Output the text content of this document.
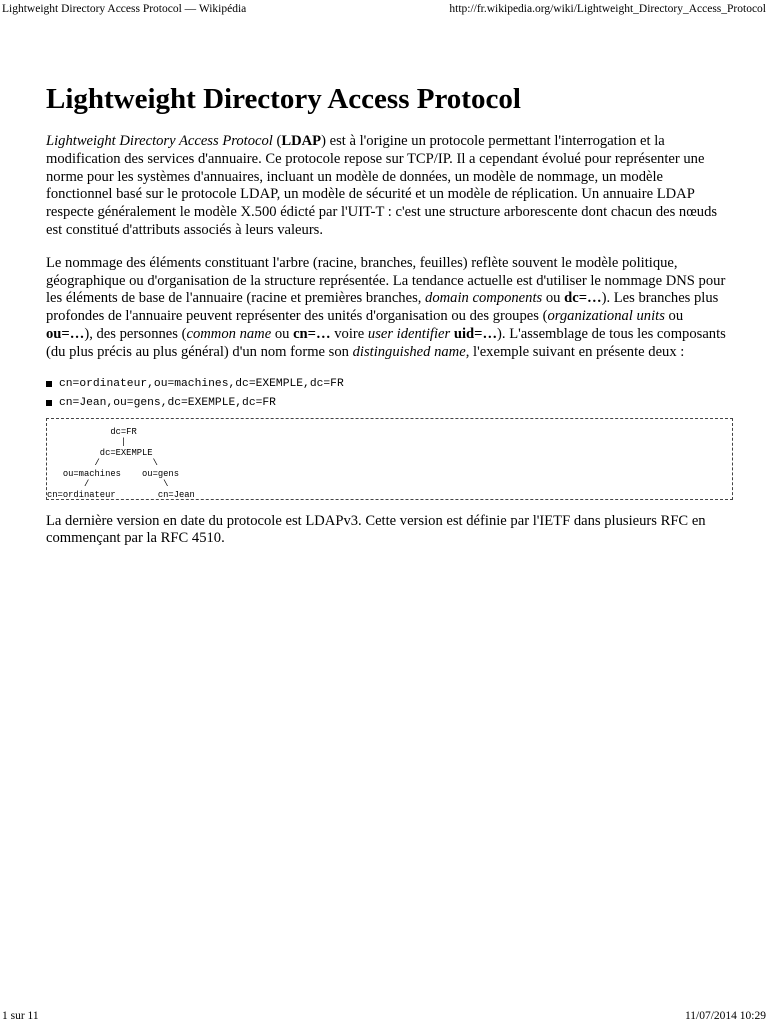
Lightweight Directory Access Protocol — Wikipédia	http://fr.wikipedia.org/wiki/Lightweight_Directory_Access_Protocol
Lightweight Directory Access Protocol

Lightweight Directory Access Protocol (LDAP) est à l'origine un protocole permettant l'interrogation et la modification des services d'annuaire. Ce protocole repose sur TCP/IP. Il a cependant évolué pour représenter une norme pour les systèmes d'annuaires, incluant un modèle de données, un modèle de nommage, un modèle fonctionnel basé sur le protocole LDAP, un modèle de sécurité et un modèle de réplication. Un annuaire LDAP respecte généralement le modèle X.500 édicté par l'UIT-T : c'est une structure arborescente dont chacun des nœuds est constitué d'attributs associés à leurs valeurs.

Le nommage des éléments constituant l'arbre (racine, branches, feuilles) reflète souvent le modèle politique, géographique ou d'organisation de la structure représentée. La tendance actuelle est d'utiliser le nommage DNS pour les éléments de base de l'annuaire (racine et premières branches, domain components ou dc=…). Les branches plus profondes de l'annuaire peuvent représenter des unités d'organisation ou des groupes (organizational units ou ou=…), des personnes (common name ou cn=… voire user identifier uid=…). L'assemblage de tous les composants (du plus précis au plus général) d'un nom forme son distinguished name, l'exemple suivant en présente deux :

cn=ordinateur,ou=machines,dc=EXEMPLE,dc=FR
cn=Jean,ou=gens,dc=EXEMPLE,dc=FR
dc=FR
|
dc=EXEMPLE
/          \
ou=machines    ou=gens
/              \
cn=ordinateur        cn=Jean

La dernière version en date du protocole est LDAPv3. Cette version est définie par l'IETF dans plusieurs RFC en commençant par la RFC 4510.

1 sur 11	11/07/2014 10:29
